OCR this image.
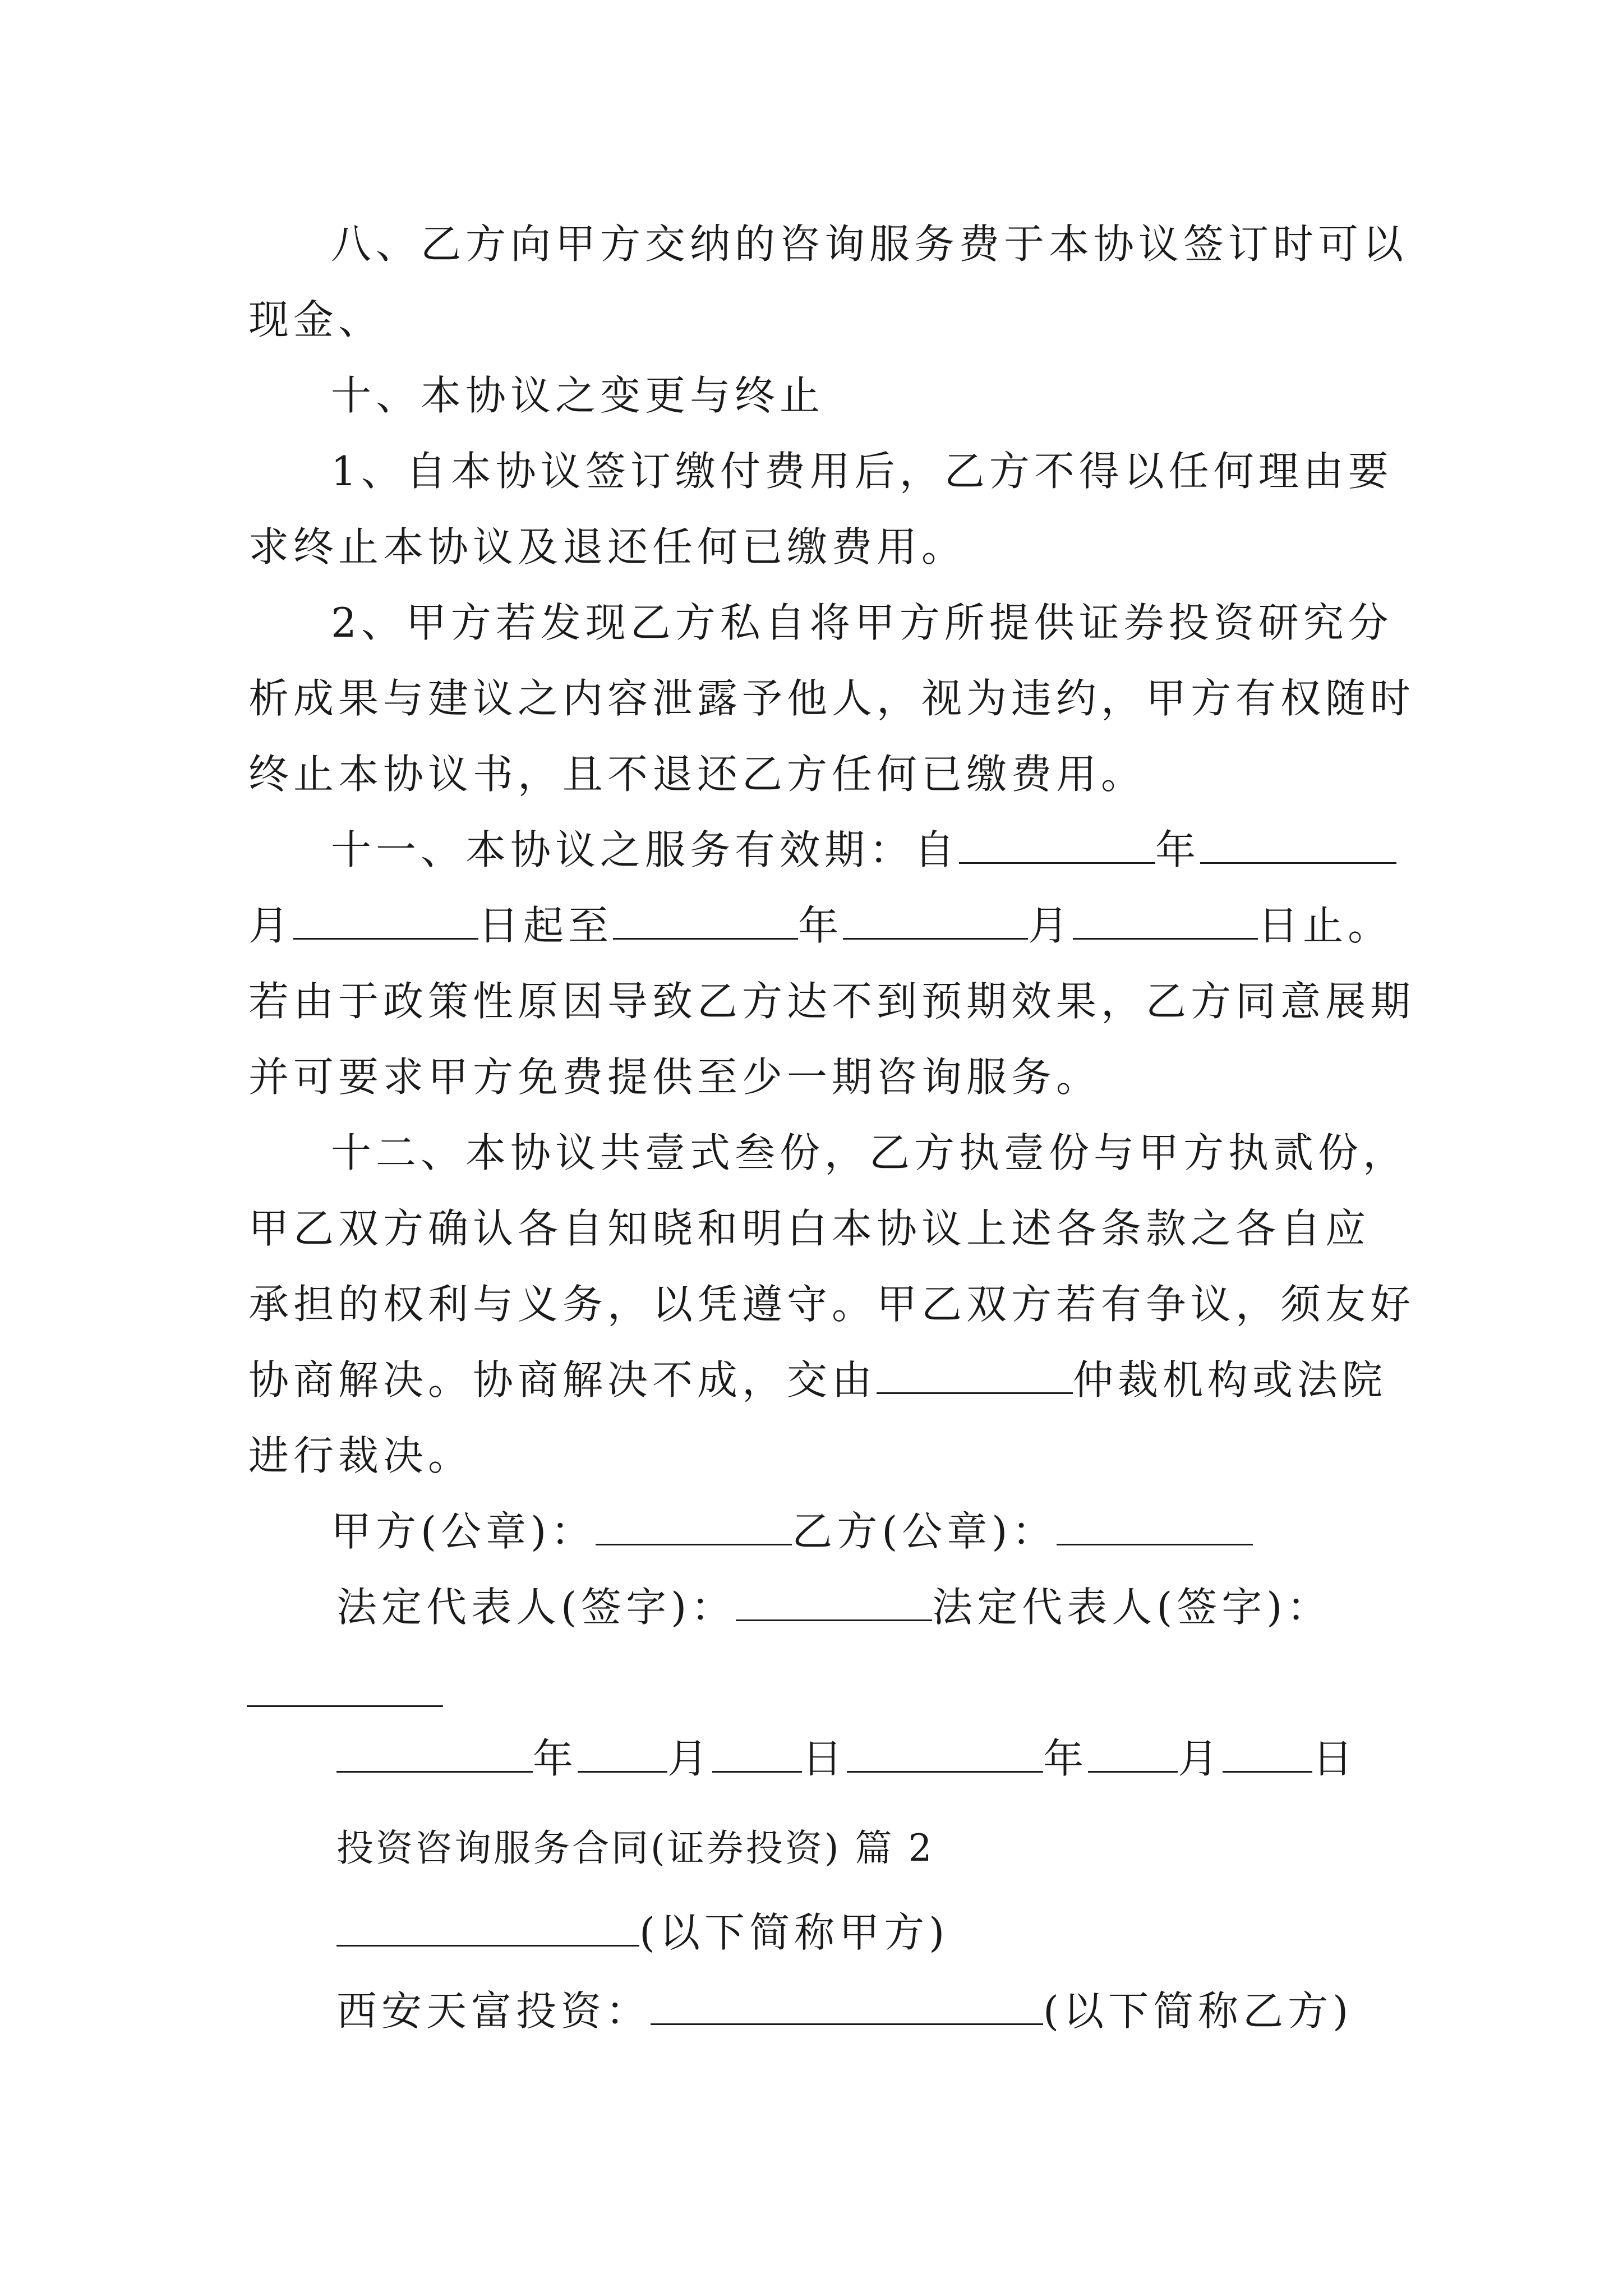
八、乙方向甲方交纳的咨询服务费于本协议签订时可以
现金、
十、本协议之变更与终止
1、自本协议签订缴付费用后，乙方不得以任何理由要
求终止本协议及退还任何已缴费用。
2、甲方若发现乙方私自将甲方所提供证券投资研究分
析成果与建议之内容泄露予他人，视为违约，甲方有权随时
终止本协议书，且不退还乙方任何已缴费用。
十一、本协议之服务有效期：自	年
月	日起至	年	月	日止。
若由于政策性原因导致乙方达不到预期效果，乙方同意展期
并可要求甲方免费提供至少一期咨询服务。
十二、本协议共壹式叁份，乙方执壹份与甲方执贰份，
甲乙双方确认各自知晓和明白本协议上述各条款之各自应
承担的权利与义务，以凭遵守。甲乙双方若有争议，须友好
协商解决。协商解决不成，交由	仲裁机构或法院
进行裁决。
甲方(公章)：	乙方(公章)：
法定代表人(签字)：	法定代表人(签字)：
年 月 日	年 月 日
投资咨询服务合同(证券投资) 篇 2
(以下简称甲方)
西安天富投资：	(以下简称乙方)
